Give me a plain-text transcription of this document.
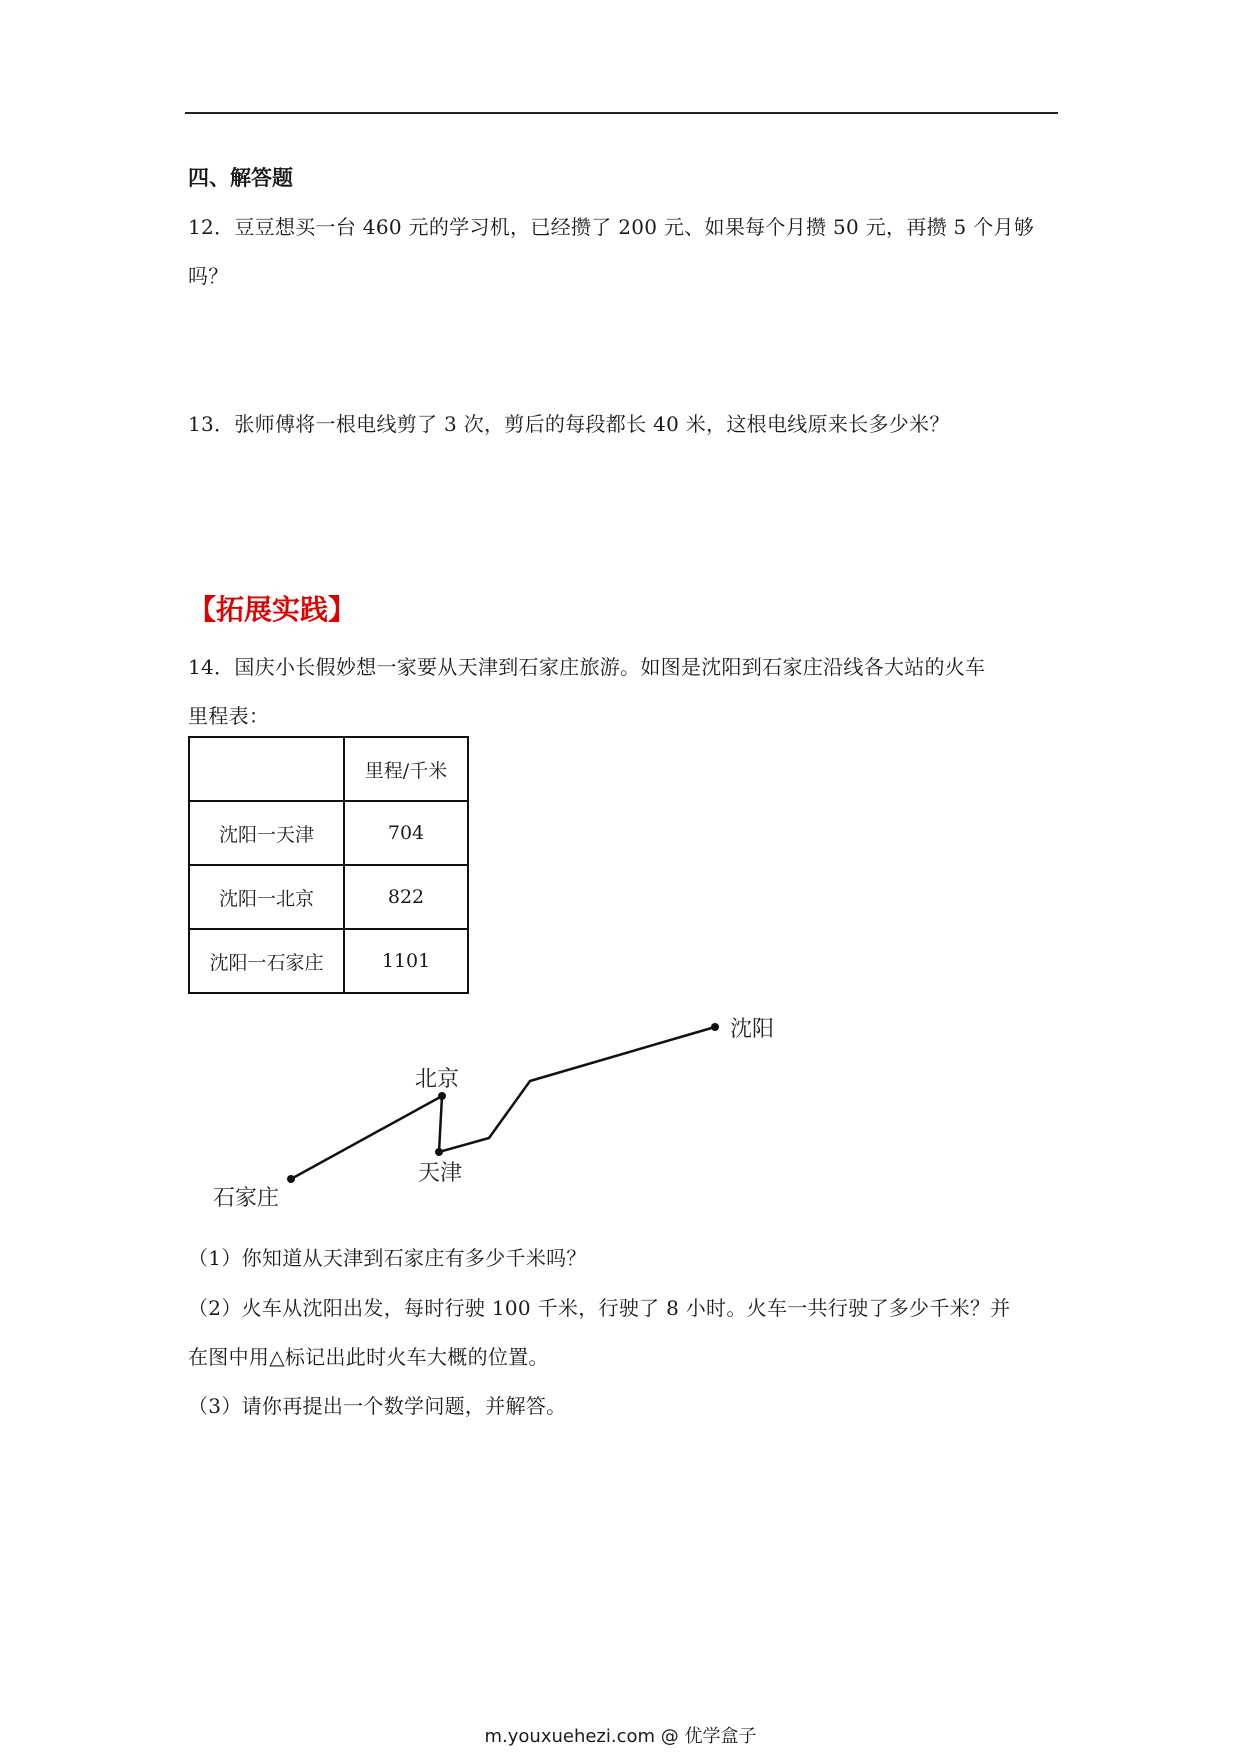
四、解答题
12．豆豆想买一台 460 元的学习机，已经攒了 200 元、如果每个月攒 50 元，再攒 5 个月够
吗？
13．张师傅将一根电线剪了 3 次，剪后的每段都长 40 米，这根电线原来长多少米？
【拓展实践】
14．国庆小长假妙想一家要从天津到石家庄旅游。如图是沈阳到石家庄沿线各大站的火车
里程表：
	里程/千米
沈阳一天津	704
沈阳一北京	822
沈阳一石家庄	1101
沈阳
北京
天津
石家庄
（1）你知道从天津到石家庄有多少千米吗？
（2）火车从沈阳出发，每时行驶 100 千米，行驶了 8 小时。火车一共行驶了多少千米？并
在图中用△标记出此时火车大概的位置。
（3）请你再提出一个数学问题，并解答。
m.youxuehezi.com @ 优学盒子
